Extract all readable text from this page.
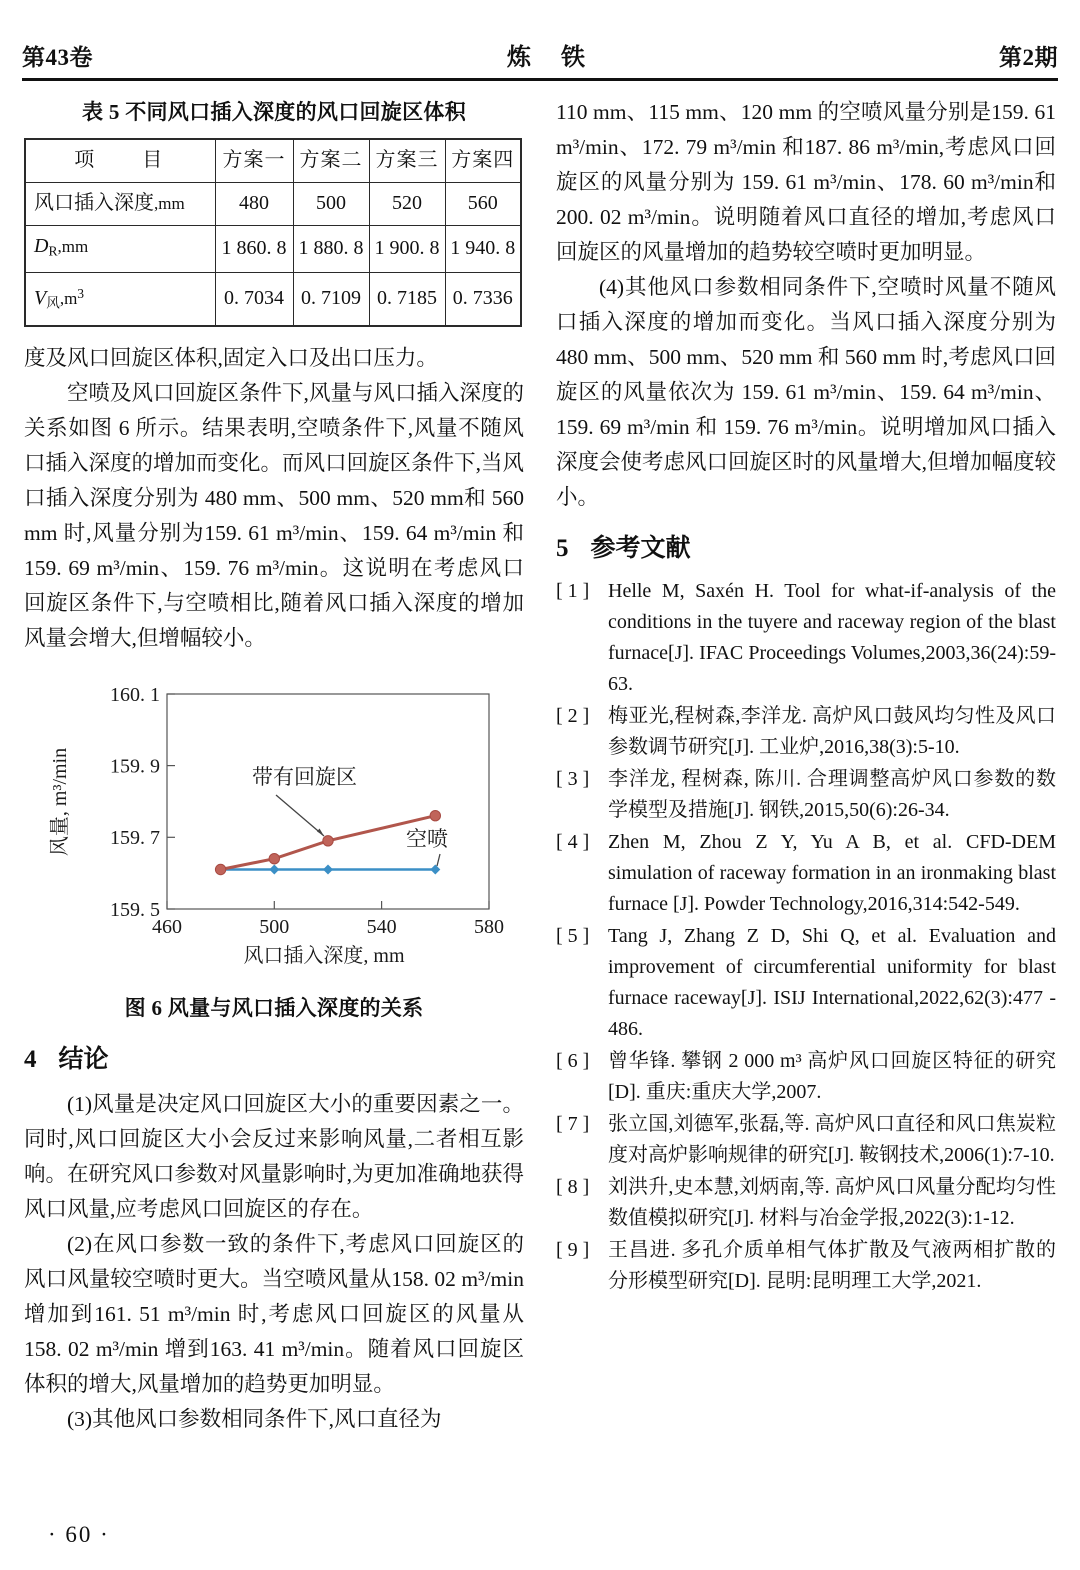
第43卷	炼 铁	第2期
表 5 不同风口插入深度的风口回旋区体积
项　目	方案一	方案二	方案三	方案四
风口插入深度,mm	480	500	520	560
$D_R,mm$	1 860. 8	1 880. 8	1 900. 8	1 940. 8
$V_风,m^3$	0. 7034	0. 7109	0. 7185	0. 7336

度及风口回旋区体积,固定入口及出口压力。

空喷及风口回旋区条件下,风量与风口插入深度的关系如图 6 所示。结果表明,空喷条件下,风量不随风口插入深度的增加而变化。而风口回旋区条件下,当风口插入深度分别为 480 mm、500 mm、520 mm和 560 mm 时,风量分别为159. 61 m³/min、159. 64 m³/min 和159. 69 m³/min、159. 76 m³/min。这说明在考虑风口回旋区条件下,与空喷相比,随着风口插入深度的增加风量会增大,但增幅较小。

159. 5
159. 7
159. 9
160. 1
460	500	540	580
风口插入深度, mm
风量, m³/min	带有回旋区
空喷
图 6 风量与风口插入深度的关系
4 结论

(1)风量是决定风口回旋区大小的重要因素之一。同时,风口回旋区大小会反过来影响风量,二者相互影响。在研究风口参数对风量影响时,为更加准确地获得风口风量,应考虑风口回旋区的存在。

(2)在风口参数一致的条件下,考虑风口回旋区的风口风量较空喷时更大。当空喷风量从158. 02 m³/min增加到161. 51 m³/min 时,考虑风口回旋区的风量从158. 02 m³/min 增到163. 41 m³/min。随着风口回旋区体积的增大,风量增加的趋势更加明显。

(3)其他风口参数相同条件下,风口直径为

110 mm、115 mm、120 mm 的空喷风量分别是159. 61 m³/min、172. 79 m³/min 和187. 86 m³/min,考虑风口回旋区的风量分别为 159. 61 m³/min、178. 60 m³/min和200. 02 m³/min。说明随着风口直径的增加,考虑风口回旋区的风量增加的趋势较空喷时更加明显。

(4)其他风口参数相同条件下,空喷时风量不随风口插入深度的增加而变化。当风口插入深度分别为 480 mm、500 mm、520 mm 和 560 mm 时,考虑风口回旋区的风量依次为 159. 61 m³/min、159. 64 m³/min、159. 69 m³/min 和 159. 76 m³/min。说明增加风口插入深度会使考虑风口回旋区时的风量增大,但增加幅度较小。

5 参考文献
[ 1 ] Helle M, Saxén H. Tool for what-if-analysis of the conditions in the tuyere and raceway region of the blast furnace[J]. IFAC Proceedings Volumes,2003,36(24):59-63.
[ 2 ] 梅亚光,程树森,李洋龙. 高炉风口鼓风均匀性及风口参数调节研究[J]. 工业炉,2016,38(3):5-10.
[ 3 ] 李洋龙, 程树森, 陈川. 合理调整高炉风口参数的数学模型及措施[J]. 钢铁,2015,50(6):26-34.
[ 4 ] Zhen M, Zhou Z Y, Yu A B, et al. CFD-DEM simulation of raceway formation in an ironmaking blast furnace [J]. Powder Technology,2016,314:542-549.
[ 5 ] Tang J, Zhang Z D, Shi Q, et al. Evaluation and improvement of circumferential uniformity for blast furnace raceway[J]. ISIJ International,2022,62(3):477 - 486.
[ 6 ] 曾华锋. 攀钢 2 000 m³ 高炉风口回旋区特征的研究[D]. 重庆:重庆大学,2007.
[ 7 ] 张立国,刘德军,张磊,等. 高炉风口直径和风口焦炭粒度对高炉影响规律的研究[J]. 鞍钢技术,2006(1):7-10.
[ 8 ] 刘洪升,史本慧,刘炳南,等. 高炉风口风量分配均匀性数值模拟研究[J]. 材料与冶金学报,2022(3):1-12.
[ 9 ] 王昌进. 多孔介质单相气体扩散及气液两相扩散的分形模型研究[D]. 昆明:昆明理工大学,2021.
· 60 ·
